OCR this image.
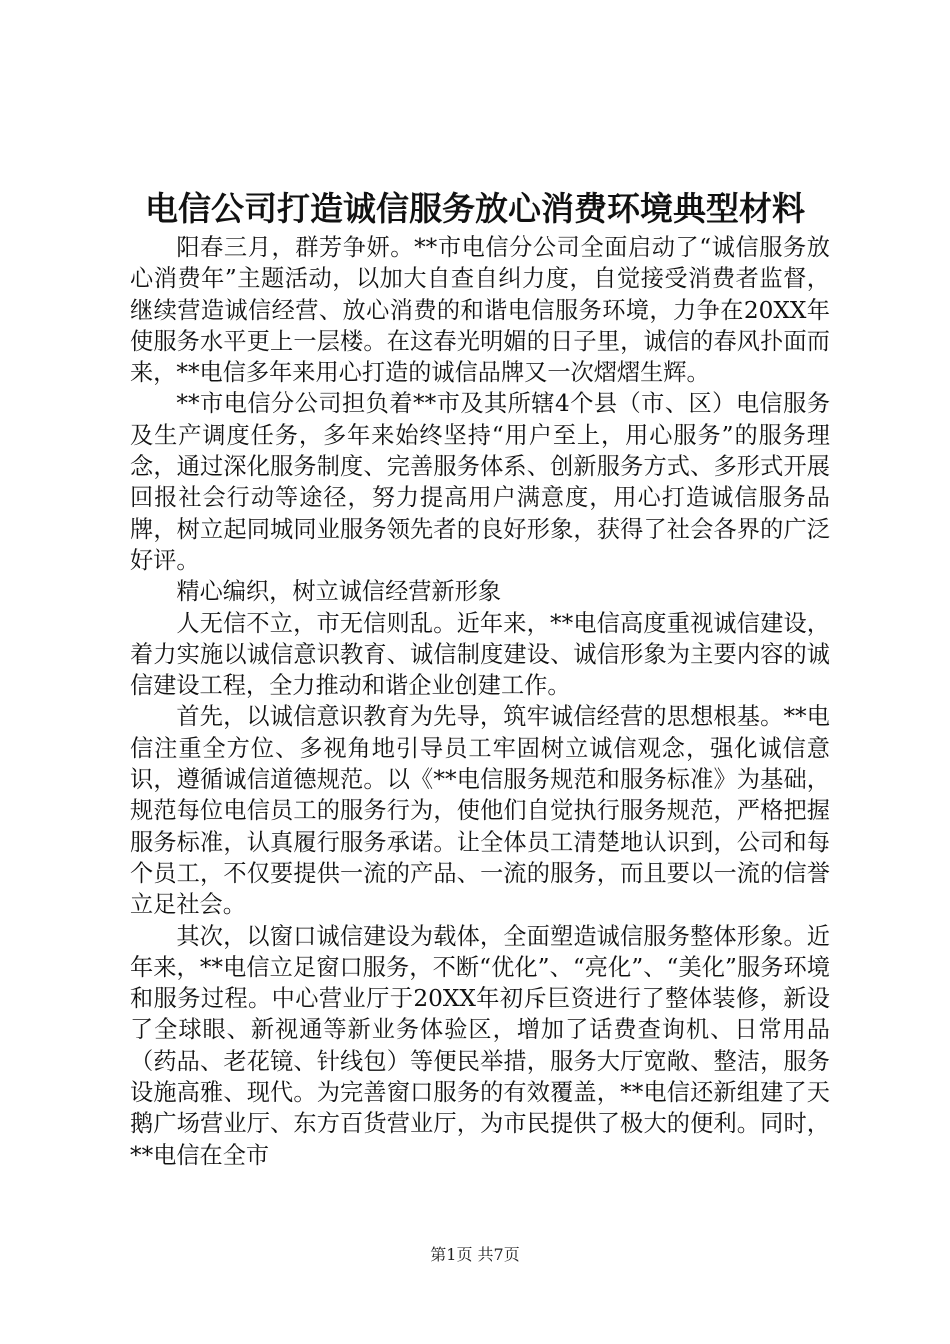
电信公司打造诚信服务放心消费环境典型材料

阳春三月，群芳争妍。**市电信分公司全面启动了“诚信服务放心消费年”主题活动，以加大自查自纠力度，自觉接受消费者监督，继续营造诚信经营、放心消费的和谐电信服务环境，力争在20XX年使服务水平更上一层楼。在这春光明媚的日子里，诚信的春风扑面而来，**电信多年来用心打造的诚信品牌又一次熠熠生辉。

**市电信分公司担负着**市及其所辖4个县（市、区）电信服务及生产调度任务，多年来始终坚持“用户至上，用心服务”的服务理念，通过深化服务制度、完善服务体系、创新服务方式、多形式开展回报社会行动等途径，努力提高用户满意度，用心打造诚信服务品牌，树立起同城同业服务领先者的良好形象，获得了社会各界的广泛好评。

精心编织，树立诚信经营新形象

人无信不立，市无信则乱。近年来，**电信高度重视诚信建设，着力实施以诚信意识教育、诚信制度建设、诚信形象为主要内容的诚信建设工程，全力推动和谐企业创建工作。

首先，以诚信意识教育为先导，筑牢诚信经营的思想根基。**电信注重全方位、多视角地引导员工牢固树立诚信观念，强化诚信意识，遵循诚信道德规范。以《**电信服务规范和服务标准》为基础，规范每位电信员工的服务行为，使他们自觉执行服务规范，严格把握服务标准，认真履行服务承诺。让全体员工清楚地认识到，公司和每个员工，不仅要提供一流的产品、一流的服务，而且要以一流的信誉立足社会。

其次，以窗口诚信建设为载体，全面塑造诚信服务整体形象。近年来，**电信立足窗口服务，不断“优化”、“亮化”、“美化”服务环境和服务过程。中心营业厅于20XX年初斥巨资进行了整体装修，新设了全球眼、新视通等新业务体验区，增加了话费查询机、日常用品（药品、老花镜、针线包）等便民举措，服务大厅宽敞、整洁，服务设施高雅、现代。为完善窗口服务的有效覆盖，**电信还新组建了天鹅广场营业厅、东方百货营业厅，为市民提供了极大的便利。同时，**电信在全市

第1页 共7页
